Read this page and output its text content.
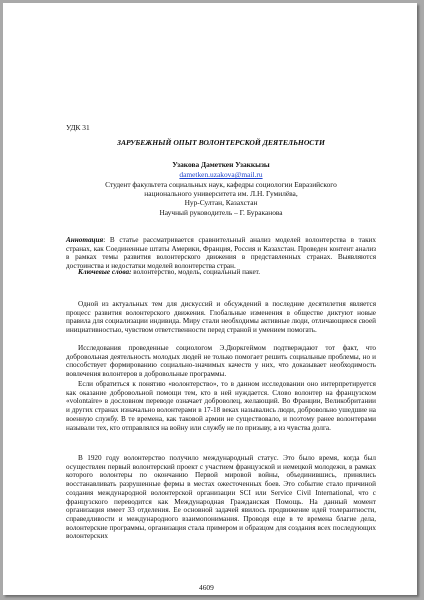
УДК 31
ЗАРУБЕЖНЫЙ ОПЫТ ВОЛОНТЕРСКОЙ ДЕЯТЕЛЬНОСТИ
Узакова Даметкен Узаккызы
dametken.uzakova@mail.ru
Студент факультета социальных наук, кафедры социологии Евразийского
национального университета им. Л.Н. Гумилёва,
Нур-Султан, Казахстан
Научный руководитель – Г. Бураканова
Аннотация: В статье рассматривается сравнительный анализ моделей волонтерства в таких странах, как Соединенные штаты Америки, Франция, Россия и Казахстан. Проведен контент анализ в рамках темы развития волонтерского движения в представленных странах. Выявляются достоинства и недостатки моделей волонтерства стран.
Ключевые слова: волонтерство, модель, социальный пакет.
Одной из актуальных тем для дискуссий и обсуждений в последние десятилетия является процесс развития волонтерского движения. Глобальные изменения в обществе диктуют новые правила для социализации индивида. Миру стали необходимы активные люди, отличающиеся своей инициативностью, чувством ответственности перед страной и умением помогать.
Исследования проведенные социологом Э.Дюркгеймом подтверждают тот факт, что добровольная деятельность молодых людей не только помогает решить социальные проблемы, но и способствует формированию социально-значимых качеств у них, что доказывает необходимость вовлечения волонтеров в добровольные программы.
Если обратиться к понятию «волонтерство», то в данном исследовании оно интерпретируется как оказание добровольной помощи тем, кто в ней нуждается. Слово волонтер на французском «volontaire» в дословном переводе означает доброволец, желающий. Во Франции, Великобритании и других странах изначально волонтерами в 17-18 веках назывались люди, добровольно ушедшие на военную службу. В те времена, как таковой армии не существовало, и поэтому ранее волонтерами называли тех, кто отправлялся на войну или службу не по призыву, а из чувства долга.
В 1920 году волонтерство получило международный статус. Это было время, когда был осуществлен первый волонтерский проект с участием французской и немецкой молодежи, в рамках которого волонтеры по окончанию Первой мировой войны, объединившись, принялись восстанавливать разрушенные фермы в местах ожесточенных боев. Это событие стало причиной создания международной волонтерской организации SCI или Service Civil International, что с французского переводится как Международная Гражданская Помощь. На данный момент организация имеет 33 отделения. Ее основной задачей явилось продвижение идей толерантности, справедливости и международного взаимопонимания. Проводя еще в те времена благие дела, волонтерские программы, организация стала примером и образцом для создания всех последующих волонтерских
4609
